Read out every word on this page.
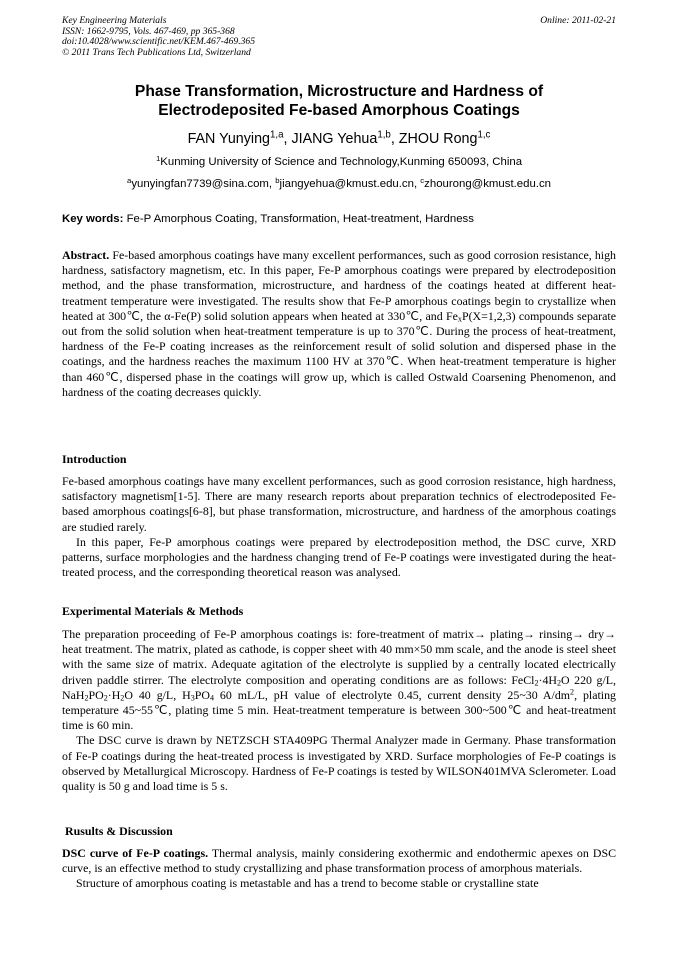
Key Engineering Materials
ISSN: 1662-9795, Vols. 467-469, pp 365-368
doi:10.4028/www.scientific.net/KEM.467-469.365
© 2011 Trans Tech Publications Ltd, Switzerland
Online: 2011-02-21
Phase Transformation, Microstructure and Hardness of
Electrodeposited Fe-based Amorphous Coatings
FAN Yunying$^{1,a}$, JIANG Yehua$^{1,b}$, ZHOU Rong$^{1,c}$
$^1$Kunming University of Science and Technology,Kunming 650093, China
$^a$yunyingfan7739@sina.com, $^b$jiangyehua@kmust.edu.cn, $^c$zhourong@kmust.edu.cn
Key words: Fe-P Amorphous Coating, Transformation, Heat-treatment, Hardness
Abstract. Fe-based amorphous coatings have many excellent performances, such as good corrosion resistance, high hardness, satisfactory magnetism, etc. In this paper, Fe-P amorphous coatings were prepared by electrodeposition method, and the phase transformation, microstructure, and hardness of the coatings heated at different heat-treatment temperature were investigated. The results show that Fe-P amorphous coatings begin to crystallize when heated at 300℃, the α-Fe(P) solid solution appears when heated at 330℃, and $Fe_xP(X=1,2,3)$ compounds separate out from the solid solution when heat-treatment temperature is up to 370℃. During the process of heat-treatment, hardness of the Fe-P coating increases as the reinforcement result of solid solution and dispersed phase in the coatings, and the hardness reaches the maximum 1100 HV at 370℃. When heat-treatment temperature is higher than 460℃, dispersed phase in the coatings will grow up, which is called Ostwald Coarsening Phenomenon, and hardness of the coating decreases quickly.
Introduction
Fe-based amorphous coatings have many excellent performances, such as good corrosion resistance, high hardness, satisfactory magnetism[1-5]. There are many research reports about preparation technics of electrodeposited Fe-based amorphous coatings[6-8], but phase transformation, microstructure, and hardness of the amorphous coatings are studied rarely.
In this paper, Fe-P amorphous coatings were prepared by electrodeposition method, the DSC curve, XRD patterns, surface morphologies and the hardness changing trend of Fe-P coatings were investigated during the heat-treated process, and the corresponding theoretical reason was analysed.
Experimental Materials & Methods
The preparation proceeding of Fe-P amorphous coatings is: fore-treatment of matrix→ plating→ rinsing→ dry→ heat treatment. The matrix, plated as cathode, is copper sheet with 40 mm×50 mm scale, and the anode is steel sheet with the same size of matrix. Adequate agitation of the electrolyte is supplied by a centrally located electrically driven paddle stirrer. The electrolyte composition and operating conditions are as follows: $FeCl_2\cdot 4H_2O$ 220 g/L, $NaH_2PO_2\cdot H_2O$ 40 g/L, $H_3PO_4$ 60 mL/L, pH value of electrolyte 0.45, current density 25~30 $A/dm^2$, plating temperature 45~55℃, plating time 5 min. Heat-treatment temperature is between 300~500℃ and heat-treatment time is 60 min.
The DSC curve is drawn by NETZSCH STA409PG Thermal Analyzer made in Germany. Phase transformation of Fe-P coatings during the heat-treated process is investigated by XRD. Surface morphologies of Fe-P coatings is observed by Metallurgical Microscopy. Hardness of Fe-P coatings is tested by WILSON401MVA Sclerometer. Load quality is 50 g and load time is 5 s.
Rusults & Discussion
DSC curve of Fe-P coatings. Thermal analysis, mainly considering exothermic and endothermic apexes on DSC curve, is an effective method to study crystallizing and phase transformation process of amorphous materials.
Structure of amorphous coating is metastable and has a trend to become stable or crystalline state
